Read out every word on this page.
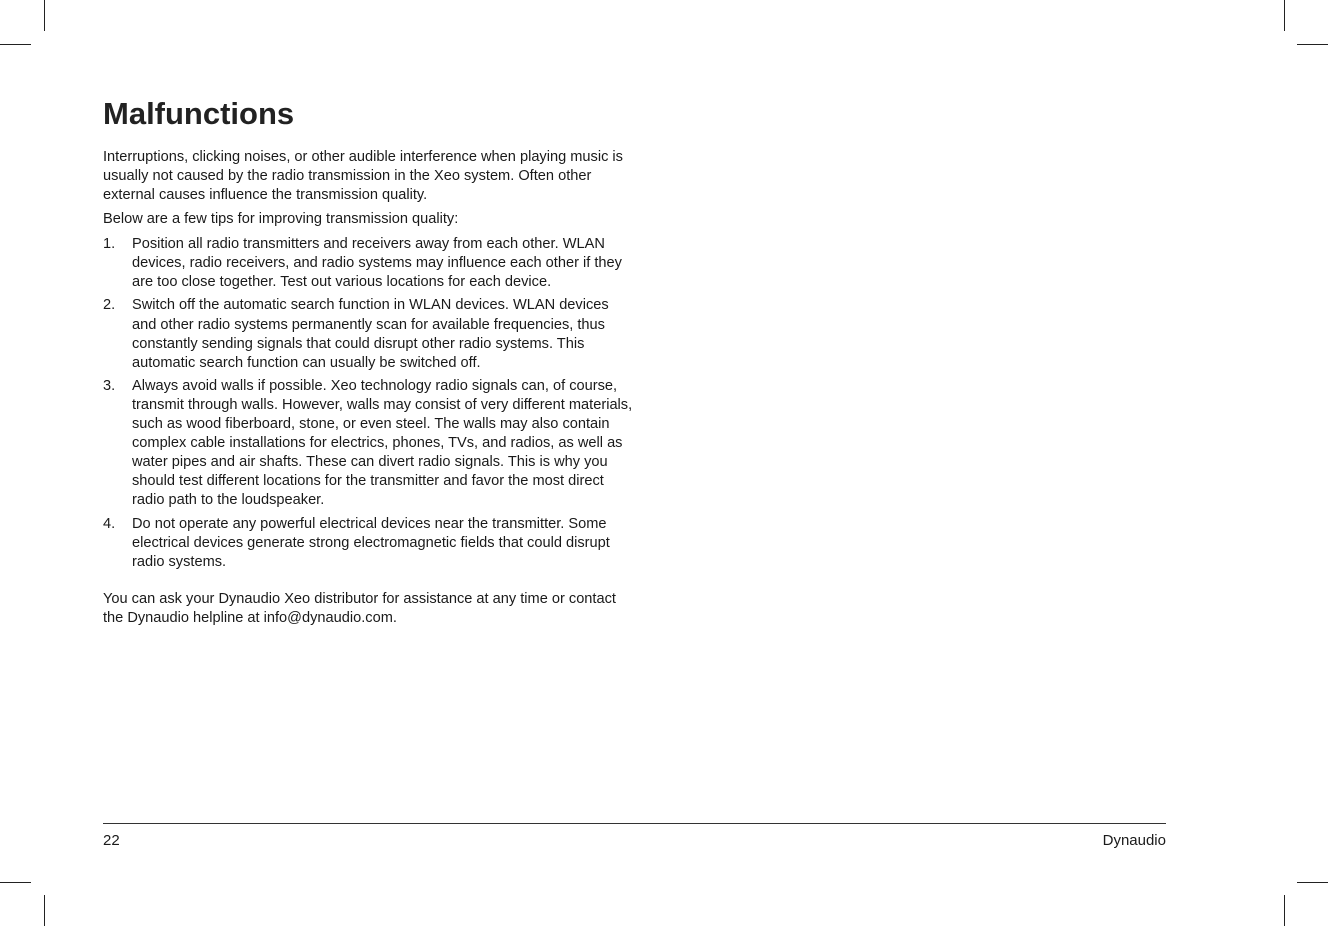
Malfunctions

Interruptions, clicking noises, or other audible interference when playing music is usually not caused by the radio transmission in the Xeo system. Often other external causes influence the transmission quality.

Below are a few tips for improving transmission quality:

1.	Position all radio transmitters and receivers away from each other. WLAN devices, radio receivers, and radio systems may influence each other if they are too close together. Test out various locations for each device.
2.	Switch off the automatic search function in WLAN devices. WLAN devices and other radio systems permanently scan for available frequencies, thus constantly sending signals that could disrupt other radio systems. This automatic search function can usually be switched off.
3.	Always avoid walls if possible. Xeo technology radio signals can, of course, transmit through walls. However, walls may consist of very different materials, such as wood fiberboard, stone, or even steel. The walls may also contain complex cable installations for electrics, phones, TVs, and radios, as well as water pipes and air shafts. These can divert radio signals. This is why you should test different locations for the transmitter and favor the most direct radio path to the loudspeaker.
4.	Do not operate any powerful electrical devices near the transmitter. Some electrical devices generate strong electromagnetic fields that could disrupt radio systems.

You can ask your Dynaudio Xeo distributor for assistance at any time or contact the Dynaudio helpline at info@dynaudio.com.

22	Dynaudio
